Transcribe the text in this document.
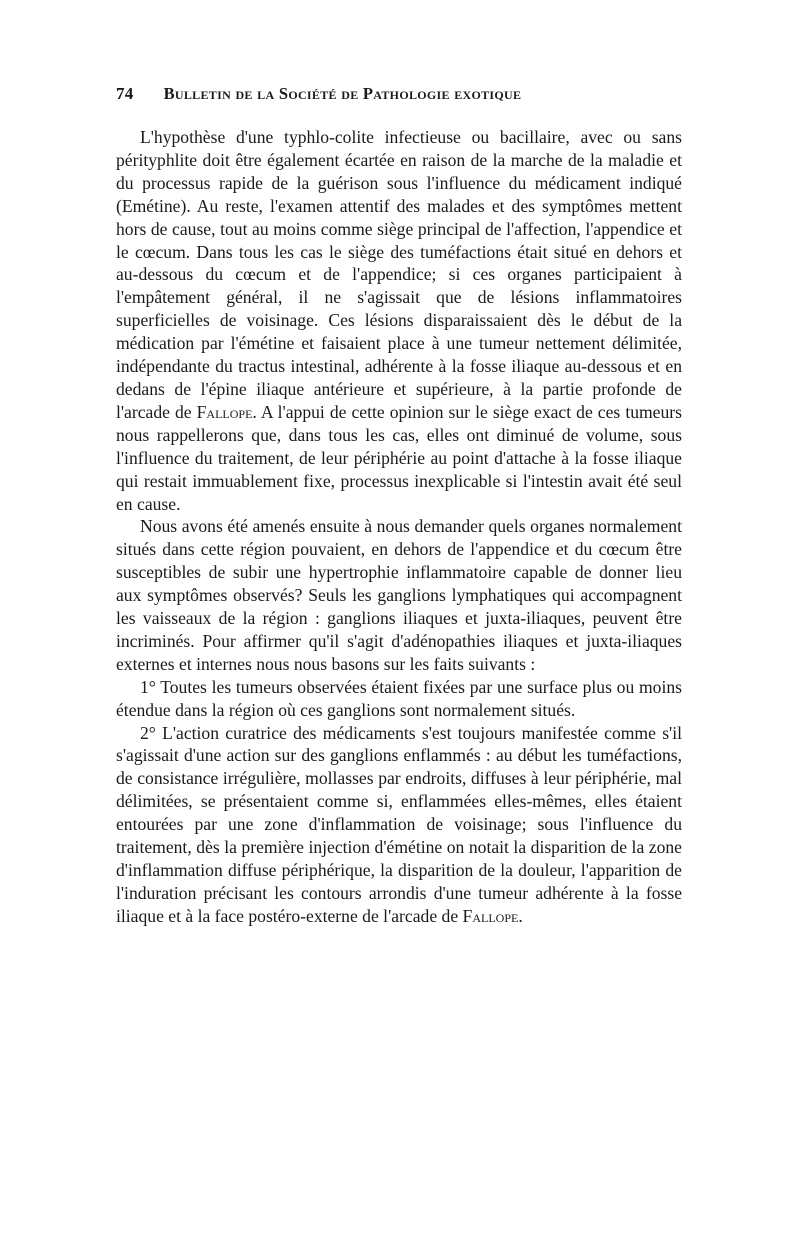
74 Bulletin de la Société de Pathologie exotique

L'hypothèse d'une typhlo-colite infectieuse ou bacillaire, avec ou sans pérityphlite doit être également écartée en raison de la marche de la maladie et du processus rapide de la guérison sous l'influence du médicament indiqué (Emétine). Au reste, l'examen attentif des malades et des symptômes mettent hors de cause, tout au moins comme siège principal de l'affection, l'appendice et le cœcum. Dans tous les cas le siège des tuméfactions était situé en dehors et au-dessous du cœcum et de l'appendice; si ces organes participaient à l'empâtement général, il ne s'agissait que de lésions inflammatoires superficielles de voisinage. Ces lésions disparaissaient dès le début de la médication par l'émétine et faisaient place à une tumeur nettement délimitée, indépendante du tractus intestinal, adhérente à la fosse iliaque au-dessous et en dedans de l'épine iliaque antérieure et supérieure, à la partie profonde de l'arcade de Fallope. A l'appui de cette opinion sur le siège exact de ces tumeurs nous rappellerons que, dans tous les cas, elles ont diminué de volume, sous l'influence du traitement, de leur périphérie au point d'attache à la fosse iliaque qui restait immuablement fixe, processus inexplicable si l'intestin avait été seul en cause.

Nous avons été amenés ensuite à nous demander quels organes normalement situés dans cette région pouvaient, en dehors de l'appendice et du cœcum être susceptibles de subir une hypertrophie inflammatoire capable de donner lieu aux symptômes observés? Seuls les ganglions lymphatiques qui accompagnent les vaisseaux de la région : ganglions iliaques et juxta-iliaques, peuvent être incriminés. Pour affirmer qu'il s'agit d'adénopathies iliaques et juxta-iliaques externes et internes nous nous basons sur les faits suivants :

1° Toutes les tumeurs observées étaient fixées par une surface plus ou moins étendue dans la région où ces ganglions sont normalement situés.

2° L'action curatrice des médicaments s'est toujours manifestée comme s'il s'agissait d'une action sur des ganglions enflammés : au début les tuméfactions, de consistance irrégulière, mollasses par endroits, diffuses à leur périphérie, mal délimitées, se présentaient comme si, enflammées elles-mêmes, elles étaient entourées par une zone d'inflammation de voisinage; sous l'influence du traitement, dès la première injection d'émétine on notait la disparition de la zone d'inflammation diffuse périphérique, la disparition de la douleur, l'apparition de l'induration précisant les contours arrondis d'une tumeur adhérente à la fosse iliaque et à la face postéro-externe de l'arcade de Fallope.
